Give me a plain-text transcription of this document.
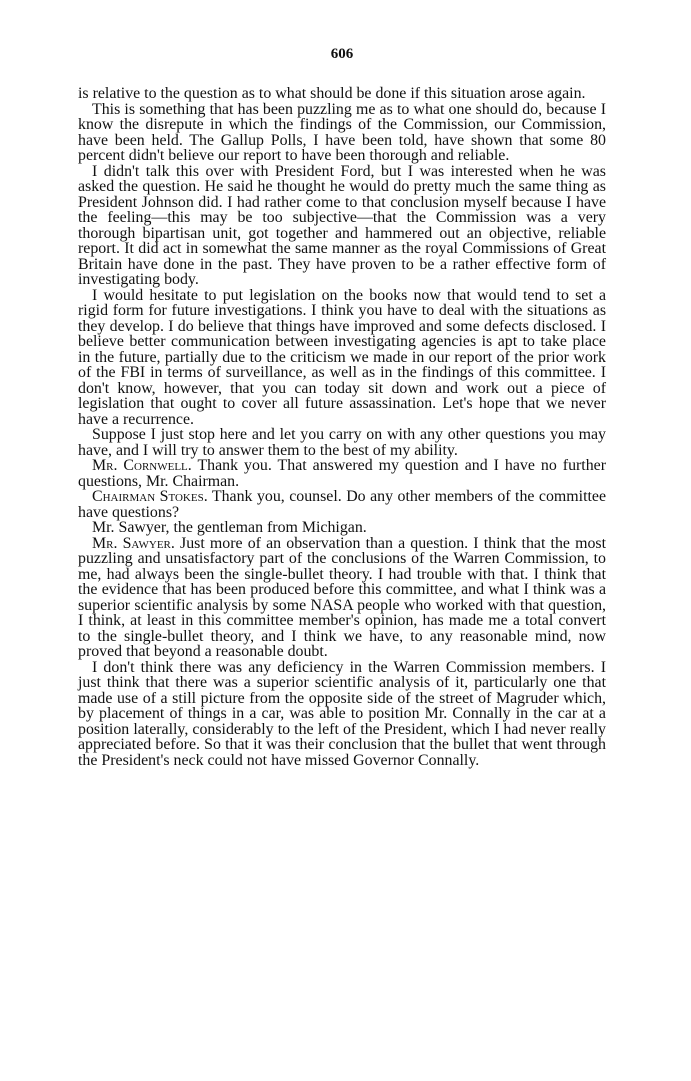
606

is relative to the question as to what should be done if this situation arose again.

This is something that has been puzzling me as to what one should do, because I know the disrepute in which the findings of the Commission, our Commission, have been held. The Gallup Polls, I have been told, have shown that some 80 percent didn't believe our report to have been thorough and reliable.

I didn't talk this over with President Ford, but I was interested when he was asked the question. He said he thought he would do pretty much the same thing as President Johnson did. I had rather come to that conclusion myself because I have the feeling—this may be too subjective—that the Commission was a very thorough bipartisan unit, got together and hammered out an objective, reliable report. It did act in somewhat the same manner as the royal Commissions of Great Britain have done in the past. They have proven to be a rather effective form of investigating body.

I would hesitate to put legislation on the books now that would tend to set a rigid form for future investigations. I think you have to deal with the situations as they develop. I do believe that things have improved and some defects disclosed. I believe better communication between investigating agencies is apt to take place in the future, partially due to the criticism we made in our report of the prior work of the FBI in terms of surveillance, as well as in the findings of this committee. I don't know, however, that you can today sit down and work out a piece of legislation that ought to cover all future assassination. Let's hope that we never have a recurrence.

Suppose I just stop here and let you carry on with any other questions you may have, and I will try to answer them to the best of my ability.

Mr. Cornwell. Thank you. That answered my question and I have no further questions, Mr. Chairman.

Chairman Stokes. Thank you, counsel. Do any other members of the committee have questions?

Mr. Sawyer, the gentleman from Michigan.

Mr. Sawyer. Just more of an observation than a question. I think that the most puzzling and unsatisfactory part of the conclusions of the Warren Commission, to me, had always been the single-bullet theory. I had trouble with that. I think that the evidence that has been produced before this committee, and what I think was a superior scientific analysis by some NASA people who worked with that question, I think, at least in this committee member's opinion, has made me a total convert to the single-bullet theory, and I think we have, to any reasonable mind, now proved that beyond a reasonable doubt.

I don't think there was any deficiency in the Warren Commission members. I just think that there was a superior scientific analysis of it, particularly one that made use of a still picture from the opposite side of the street of Magruder which, by placement of things in a car, was able to position Mr. Connally in the car at a position laterally, considerably to the left of the President, which I had never really appreciated before. So that it was their conclusion that the bullet that went through the President's neck could not have missed Governor Connally.
